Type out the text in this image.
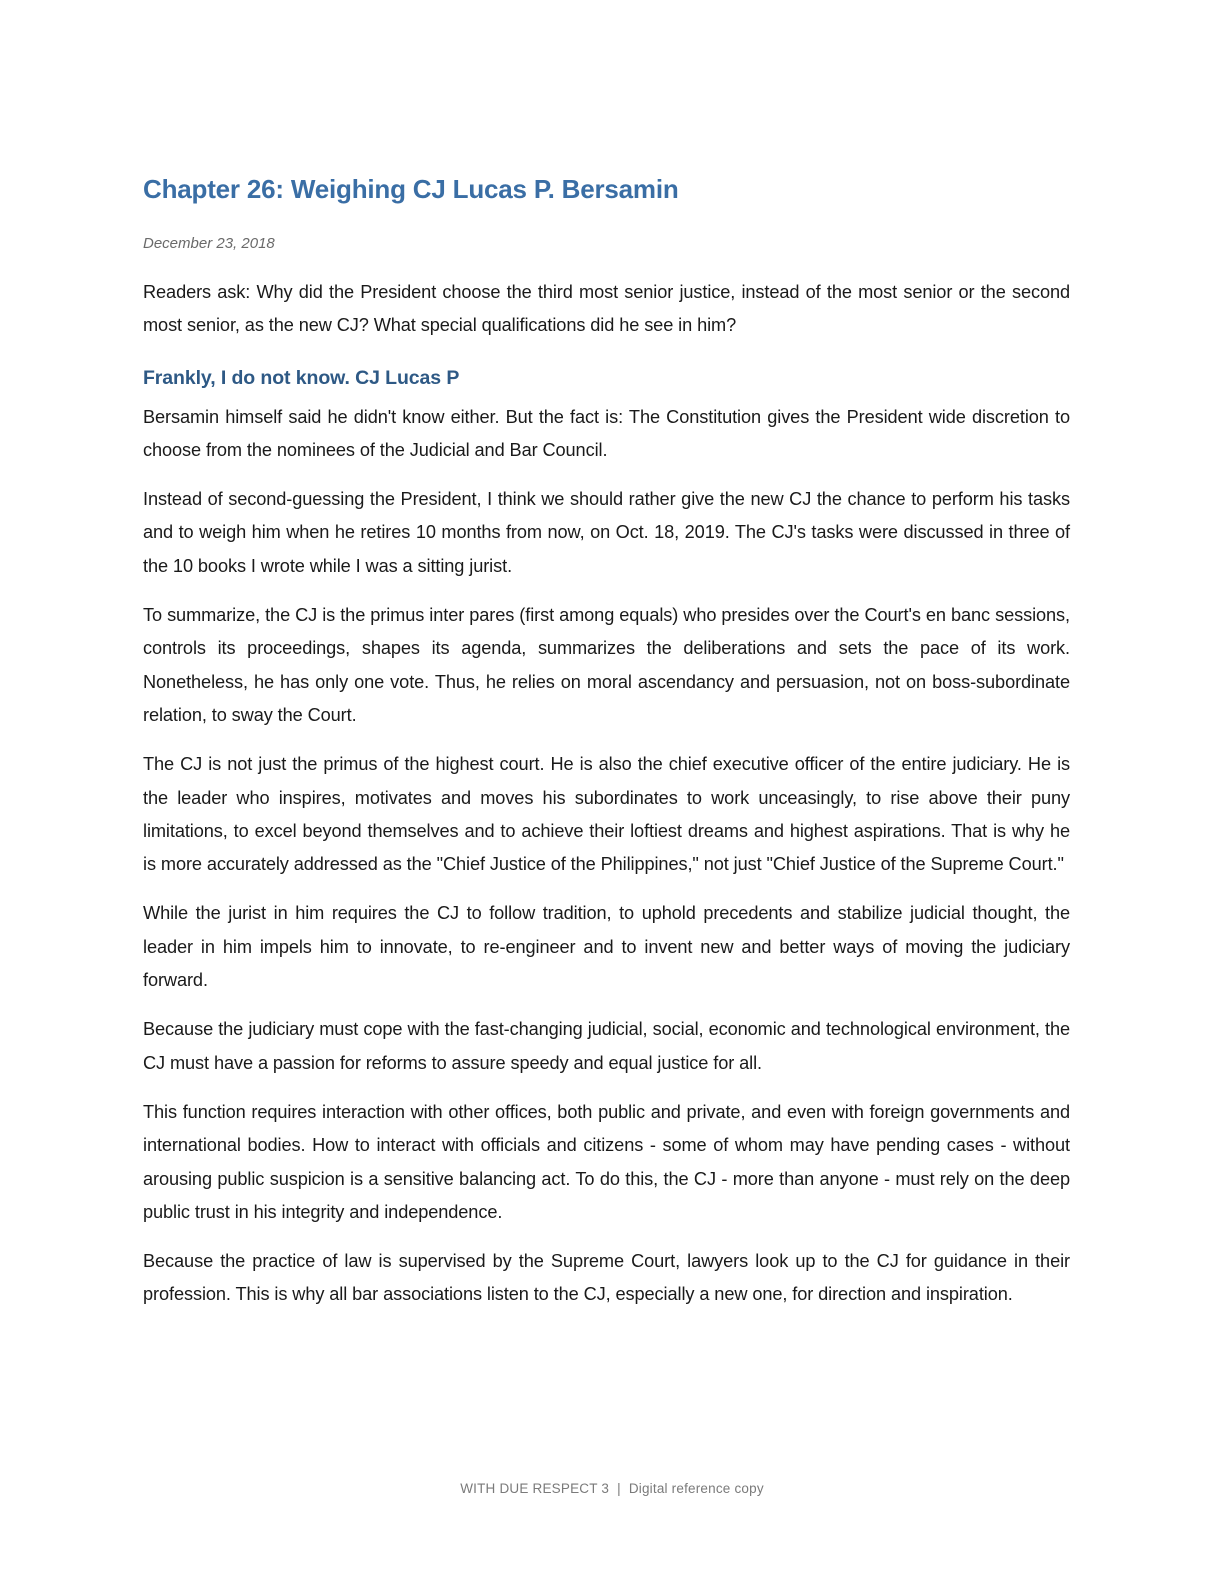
Chapter 26: Weighing CJ Lucas P. Bersamin
December 23, 2018

Readers ask: Why did the President choose the third most senior justice, instead of the most senior or the second most senior, as the new CJ? What special qualifications did he see in him?

Frankly, I do not know. CJ Lucas P

Bersamin himself said he didn't know either. But the fact is: The Constitution gives the President wide discretion to choose from the nominees of the Judicial and Bar Council.

Instead of second-guessing the President, I think we should rather give the new CJ the chance to perform his tasks and to weigh him when he retires 10 months from now, on Oct. 18, 2019. The CJ's tasks were discussed in three of the 10 books I wrote while I was a sitting jurist.

To summarize, the CJ is the primus inter pares (first among equals) who presides over the Court's en banc sessions, controls its proceedings, shapes its agenda, summarizes the deliberations and sets the pace of its work. Nonetheless, he has only one vote. Thus, he relies on moral ascendancy and persuasion, not on boss-subordinate relation, to sway the Court.

The CJ is not just the primus of the highest court. He is also the chief executive officer of the entire judiciary. He is the leader who inspires, motivates and moves his subordinates to work unceasingly, to rise above their puny limitations, to excel beyond themselves and to achieve their loftiest dreams and highest aspirations. That is why he is more accurately addressed as the "Chief Justice of the Philippines," not just "Chief Justice of the Supreme Court."

While the jurist in him requires the CJ to follow tradition, to uphold precedents and stabilize judicial thought, the leader in him impels him to innovate, to re-engineer and to invent new and better ways of moving the judiciary forward.

Because the judiciary must cope with the fast-changing judicial, social, economic and technological environment, the CJ must have a passion for reforms to assure speedy and equal justice for all.

This function requires interaction with other offices, both public and private, and even with foreign governments and international bodies. How to interact with officials and citizens - some of whom may have pending cases - without arousing public suspicion is a sensitive balancing act. To do this, the CJ - more than anyone - must rely on the deep public trust in his integrity and independence.

Because the practice of law is supervised by the Supreme Court, lawyers look up to the CJ for guidance in their profession. This is why all bar associations listen to the CJ, especially a new one, for direction and inspiration.

WITH DUE RESPECT 3 | Digital reference copy
